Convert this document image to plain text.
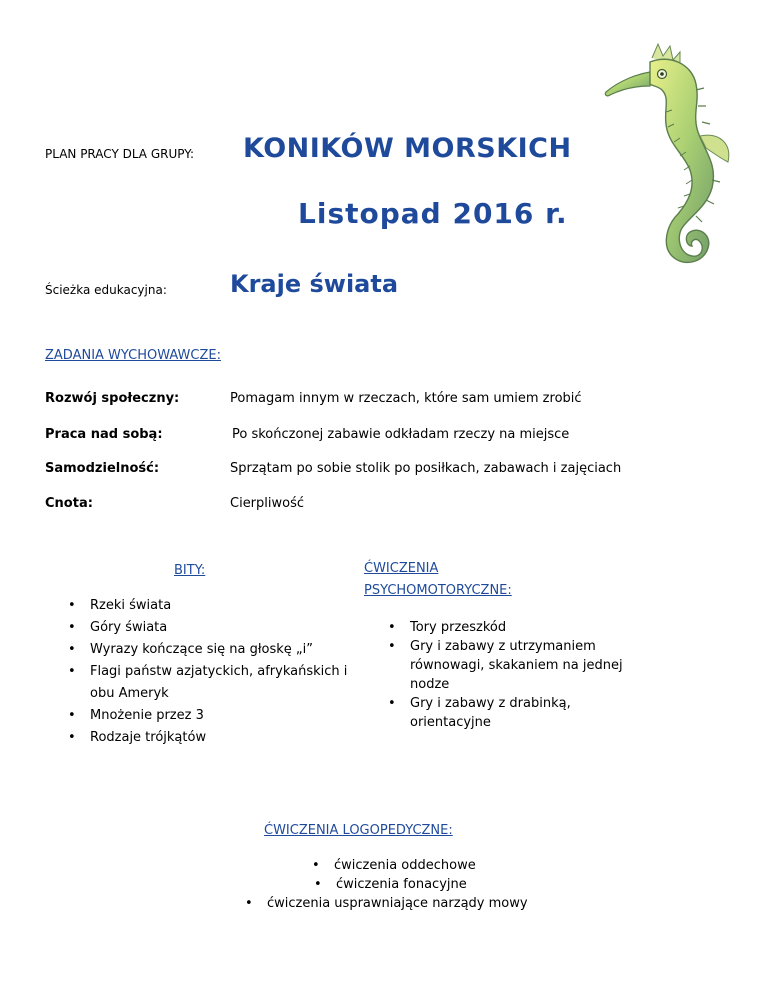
PLAN PRACY DLA GRUPY: KONIKÓW MORSKICH
Listopad 2016 r.
Ścieżka edukacyjna:	Kraje świata
ZADANIA WYCHOWAWCZE:
Rozwój społeczny:	Pomagam innym w rzeczach, które sam umiem zrobić
Praca nad sobą:	Po skończonej zabawie odkładam rzeczy na miejsce
Samodzielność:	Sprzątam po sobie stolik po posiłkach, zabawach i zajęciach
Cnota:	Cierpliwość
BITY:
• Rzeki świata
• Góry świata
• Wyrazy kończące się na głoskę „i”
• Flagi państw azjatyckich, afrykańskich i obu Ameryk
• Mnożenie przez 3
• Rodzaje trójkątów
ĆWICZENIA PSYCHOMOTORYCZNE:
• Tory przeszkód
• Gry i zabawy z utrzymaniem równowagi, skakaniem na jednej nodze
• Gry i zabawy z drabinką, orientacyjne
ĆWICZENIA LOGOPEDYCZNE:
• ćwiczenia oddechowe
• ćwiczenia fonacyjne
• ćwiczenia usprawniające narządy mowy
